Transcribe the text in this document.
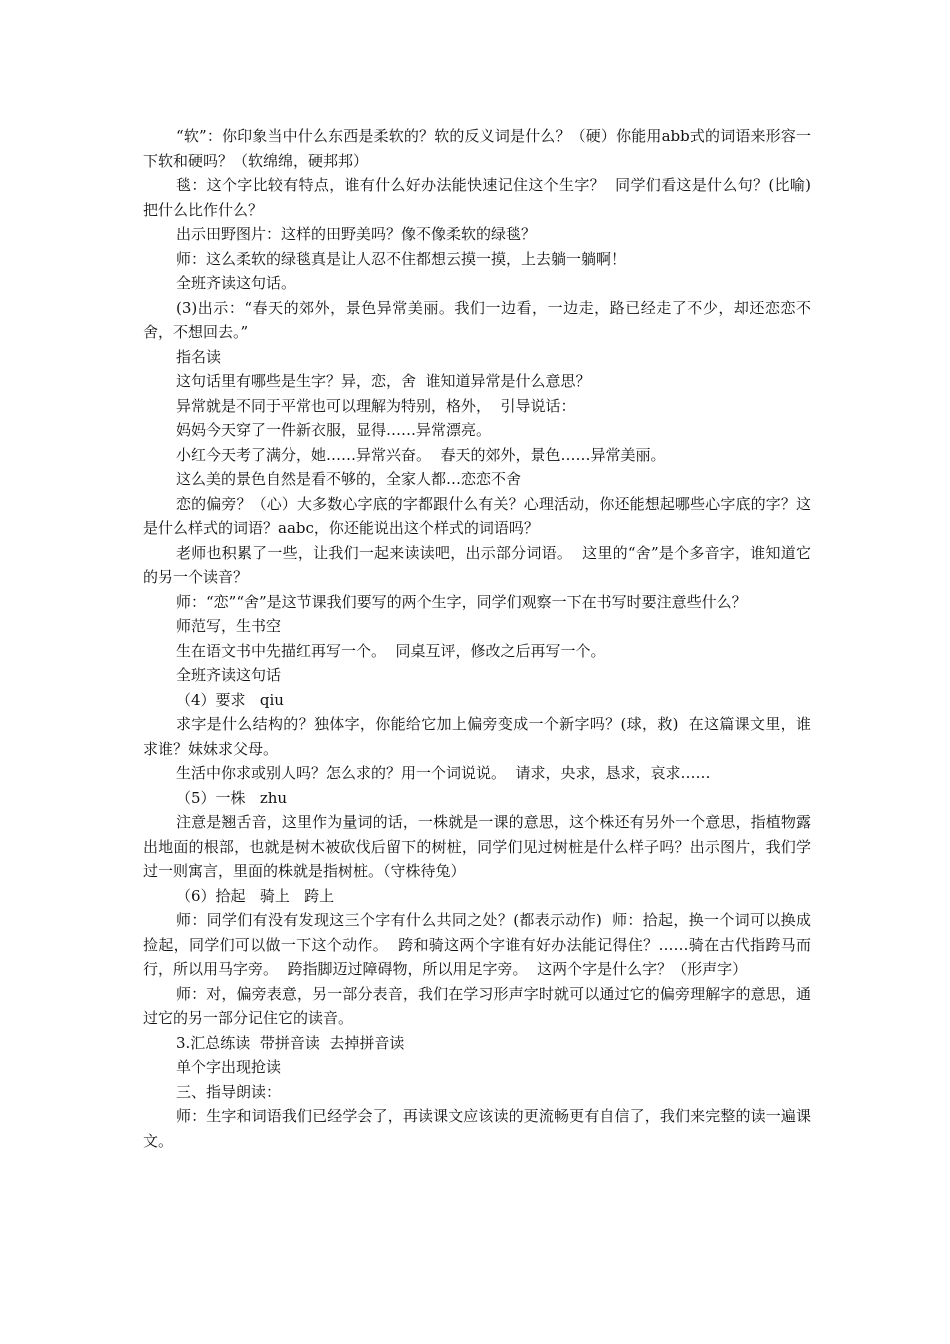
“软”：你印象当中什么东西是柔软的？软的反义词是什么？（硬）你能用abb式的词语来形容一下软和硬吗？（软绵绵，硬邦邦）

毯：这个字比较有特点，谁有什么好办法能快速记住这个生字？  同学们看这是什么句？(比喻)  把什么比作什么？

出示田野图片：这样的田野美吗？像不像柔软的绿毯？

师：这么柔软的绿毯真是让人忍不住都想云摸一摸，上去躺一躺啊！

全班齐读这句话。

(3)出示：“春天的郊外，景色异常美丽。我们一边看，一边走，路已经走了不少，却还恋恋不舍，不想回去。”

指名读

这句话里有哪些是生字？异，恋，舍  谁知道异常是什么意思？

异常就是不同于平常也可以理解为特别，格外，  引导说话：

妈妈今天穿了一件新衣服，显得……异常漂亮。

小红今天考了满分，她……异常兴奋。  春天的郊外，景色……异常美丽。

这么美的景色自然是看不够的，全家人都…恋恋不舍

恋的偏旁？（心）大多数心字底的字都跟什么有关？心理活动，你还能想起哪些心字底的字？这是什么样式的词语？aabc，你还能说出这个样式的词语吗？

老师也积累了一些，让我们一起来读读吧，出示部分词语。  这里的“舍”是个多音字，谁知道它的另一个读音？

师：“恋”“舍”是这节课我们要写的两个生字，同学们观察一下在书写时要注意些什么？

师范写，生书空

生在语文书中先描红再写一个。  同桌互评，修改之后再写一个。

全班齐读这句话

（4）要求   qiu

求字是什么结构的？独体字，你能给它加上偏旁变成一个新字吗？(球，救)  在这篇课文里，谁求谁？妹妹求父母。

生活中你求或别人吗？怎么求的？用一个词说说。  请求，央求，恳求，哀求……

（5）一株   zhu

注意是翘舌音，这里作为量词的话，一株就是一课的意思，这个株还有另外一个意思，指植物露出地面的根部，也就是树木被砍伐后留下的树桩，同学们见过树桩是什么样子吗？出示图片，我们学过一则寓言，里面的株就是指树桩。（守株待兔）

（6）拾起   骑上   跨上

师：同学们有没有发现这三个字有什么共同之处？(都表示动作)  师：拾起，换一个词可以换成捡起，同学们可以做一下这个动作。  跨和骑这两个字谁有好办法能记得住？……骑在古代指跨马而行，所以用马字旁。  跨指脚迈过障碍物，所以用足字旁。  这两个字是什么字？（形声字）

师：对，偏旁表意，另一部分表音，我们在学习形声字时就可以通过它的偏旁理解字的意思，通过它的另一部分记住它的读音。

3.汇总练读  带拼音读  去掉拼音读

单个字出现抢读

三、指导朗读：

师：生字和词语我们已经学会了，再读课文应该读的更流畅更有自信了，我们来完整的读一遍课文。
